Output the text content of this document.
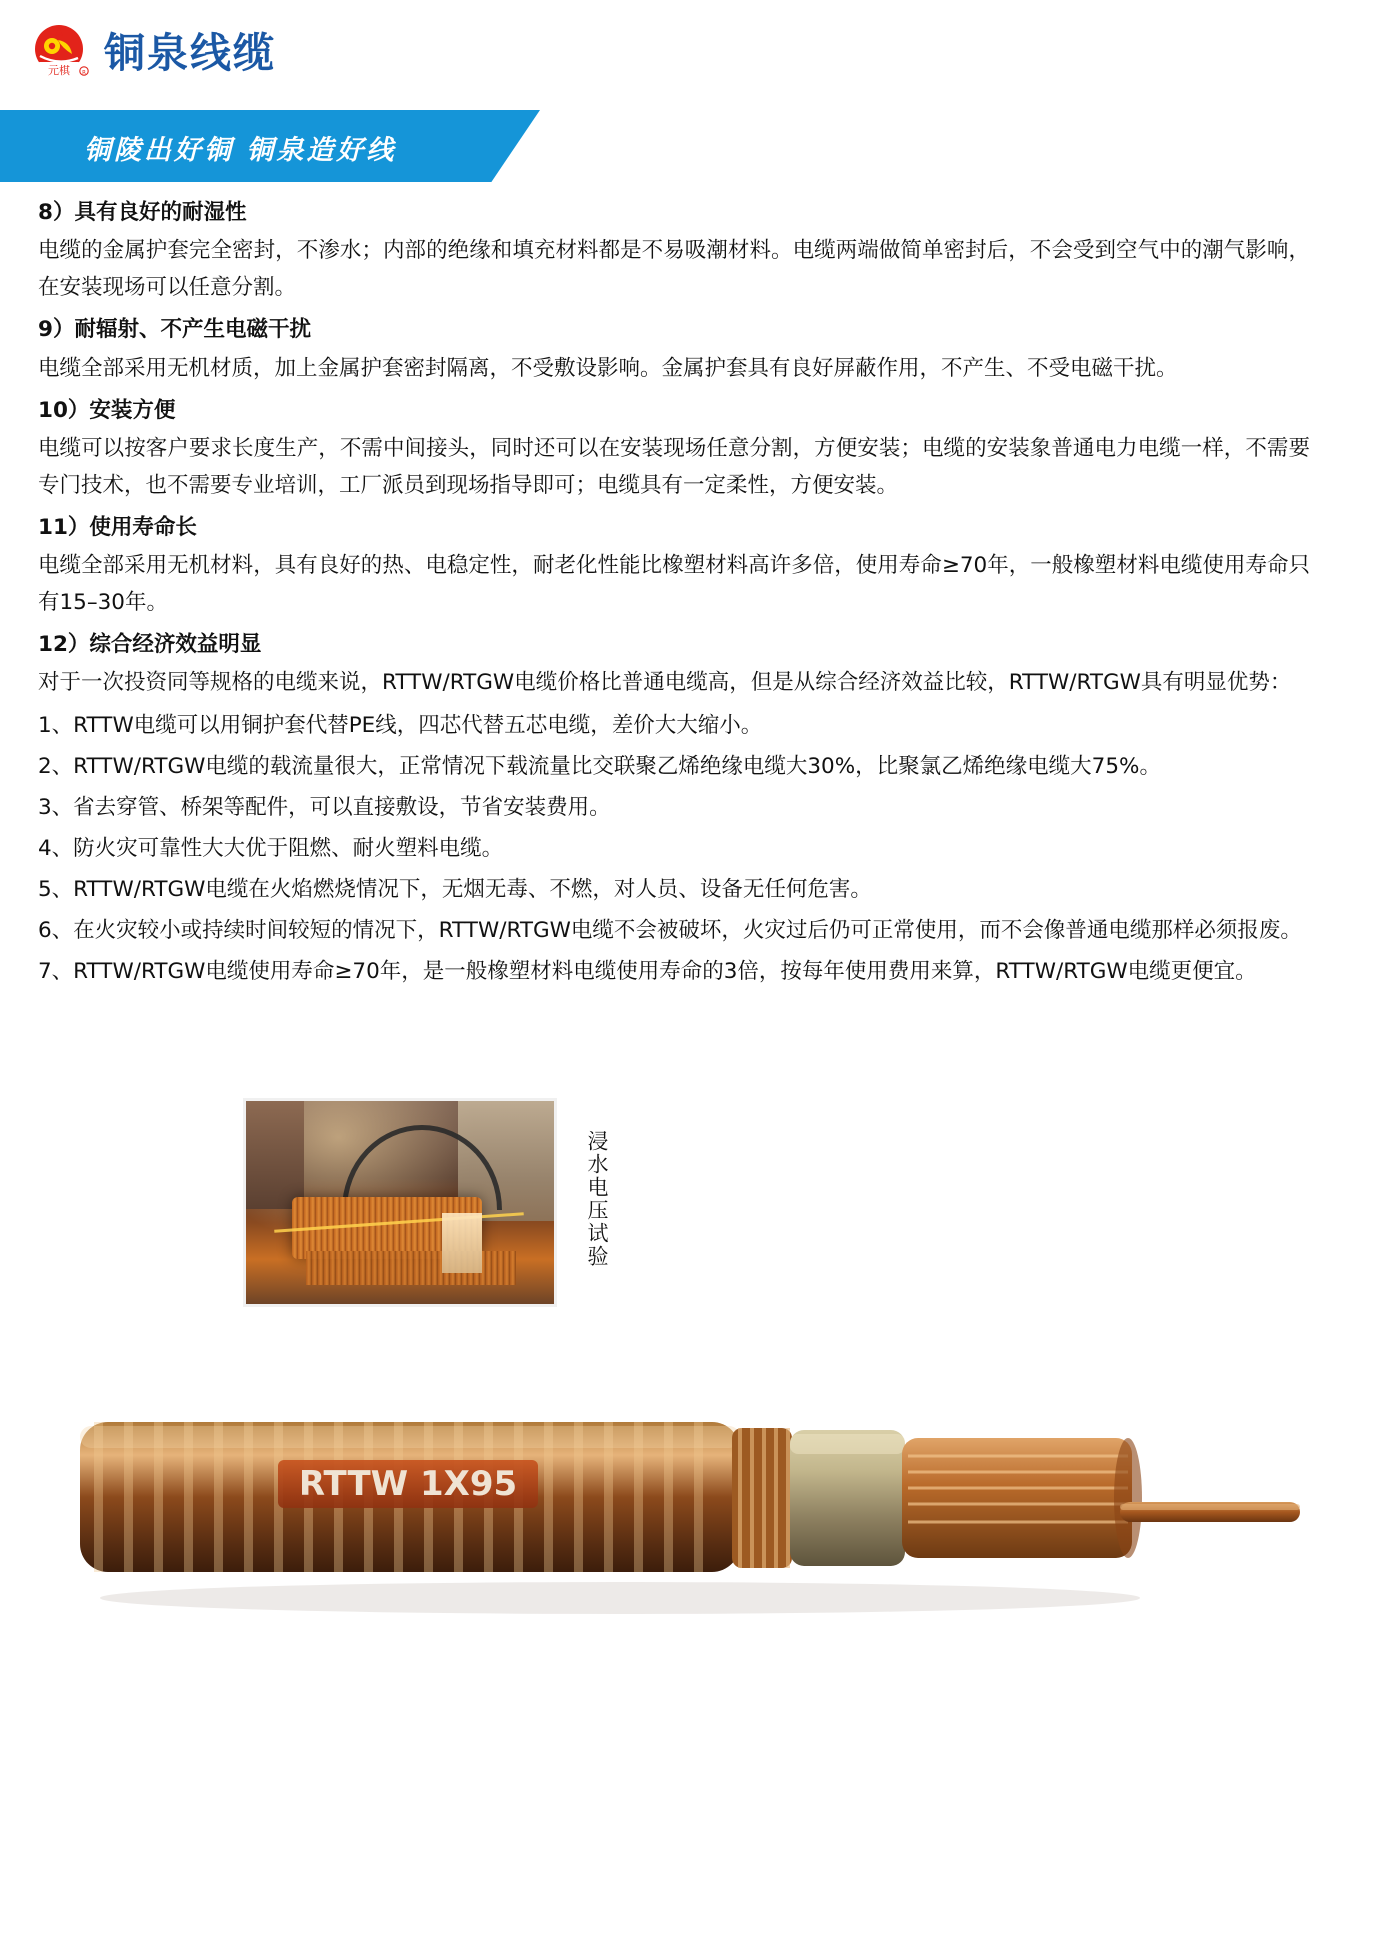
元棋 R 铜泉线缆
铜陵出好铜 铜泉造好线
8）具有良好的耐湿性

电缆的金属护套完全密封，不渗水；内部的绝缘和填充材料都是不易吸潮材料。电缆两端做简单密封后，不会受到空气中的潮气影响，在安装现场可以任意分割。

9）耐辐射、不产生电磁干扰

电缆全部采用无机材质，加上金属护套密封隔离，不受敷设影响。金属护套具有良好屏蔽作用，不产生、不受电磁干扰。

10）安装方便

电缆可以按客户要求长度生产，不需中间接头，同时还可以在安装现场任意分割，方便安装；电缆的安装象普通电力电缆一样，不需要专门技术，也不需要专业培训，工厂派员到现场指导即可；电缆具有一定柔性，方便安装。

11）使用寿命长

电缆全部采用无机材料，具有良好的热、电稳定性，耐老化性能比橡塑材料高许多倍，使用寿命≥70年，一般橡塑材料电缆使用寿命只有15–30年。

12）综合经济效益明显

对于一次投资同等规格的电缆来说，RTTW/RTGW电缆价格比普通电缆高，但是从综合经济效益比较，RTTW/RTGW具有明显优势：

1、RTTW电缆可以用铜护套代替PE线，四芯代替五芯电缆，差价大大缩小。

2、RTTW/RTGW电缆的载流量很大，正常情况下载流量比交联聚乙烯绝缘电缆大30%，比聚氯乙烯绝缘电缆大75%。

3、省去穿管、桥架等配件，可以直接敷设，节省安装费用。

4、防火灾可靠性大大优于阻燃、耐火塑料电缆。

5、RTTW/RTGW电缆在火焰燃烧情况下，无烟无毒、不燃，对人员、设备无任何危害。

6、在火灾较小或持续时间较短的情况下，RTTW/RTGW电缆不会被破坏，火灾过后仍可正常使用，而不会像普通电缆那样必须报废。

7、RTTW/RTGW电缆使用寿命≥70年，是一般橡塑材料电缆使用寿命的3倍，按每年使用费用来算，RTTW/RTGW电缆更便宜。

浸水电压试验
RTTW 1X95
